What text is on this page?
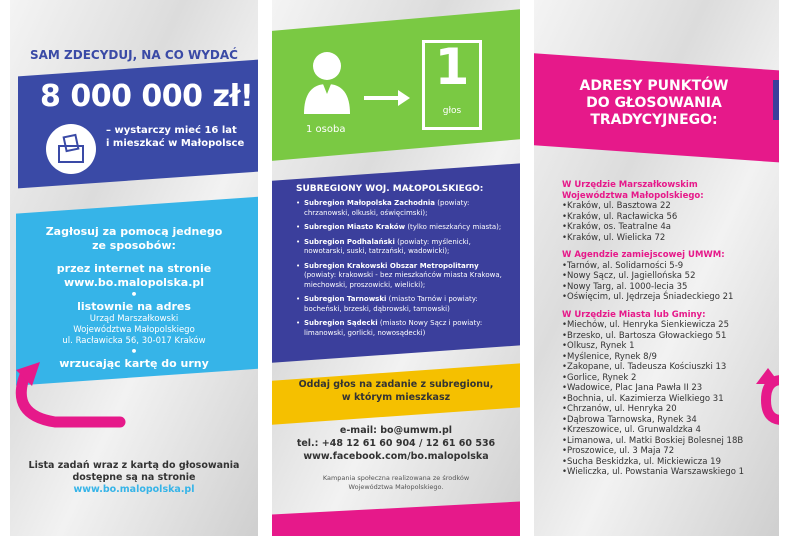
SAM ZDECYDUJ, NA CO WYDAĆ
8 000 000 zł!
– wystarczy mieć 16 lat
i mieszkać w Małopolsce
Zagłosuj za pomocą jednego
ze sposobów:
przez internet na stronie
www.bo.malopolska.pl
•
listownie na adres
Urząd Marszałkowski
Województwa Małopolskiego
ul. Racławicka 56, 30-017 Kraków
•
wrzucając kartę do urny
Lista zadań wraz z kartą do głosowania
dostępne są na stronie
www.bo.malopolska.pl
1 osoba
1
głos
SUBREGIONY WOJ. MAŁOPOLSKIEGO:
• Subregion Małopolska Zachodnia (powiaty: chrzanowski, olkuski, oświęcimski);
• Subregion Miasto Kraków (tylko mieszkańcy miasta);
• Subregion Podhalański (powiaty: myślenicki, nowotarski, suski, tatrzański, wadowicki);
• Subregion Krakowski Obszar Metropolitarny (powiaty: krakowski - bez mieszkańców miasta Krakowa, miechowski, proszowicki, wielicki);
• Subregion Tarnowski (miasto Tarnów i powiaty: bocheński, brzeski, dąbrowski, tarnowski)
• Subregion Sądecki (miasto Nowy Sącz i powiaty: limanowski, gorlicki, nowosądecki)
Oddaj głos na zadanie z subregionu,
w którym mieszkasz
e-mail: bo@umwm.pl
tel.: +48 12 61 60 904 / 12 61 60 536
www.facebook.com/bo.malopolska
Kampania społeczna realizowana ze środków
Województwa Małopolskiego.
ADRESY PUNKTÓW
DO GŁOSOWANIA
TRADYCYJNEGO:
W Urzędzie Marszałkowskim
Województwa Małopolskiego:
•Kraków, ul. Basztowa 22
•Kraków, ul. Racławicka 56
•Kraków, os. Teatralne 4a
•Kraków, ul. Wielicka 72
W Agendzie zamiejscowej UMWM:
•Tarnów, al. Solidarności 5-9
•Nowy Sącz, ul. Jagiellońska 52
•Nowy Targ, al. 1000-lecia 35
•Oświęcim, ul. Jędrzeja Śniadeckiego 21
W Urzędzie Miasta lub Gminy:
•Miechów, ul. Henryka Sienkiewicza 25
•Brzesko, ul. Bartosza Głowackiego 51
•Olkusz, Rynek 1
•Myślenice, Rynek 8/9
•Zakopane, ul. Tadeusza Kościuszki 13
•Gorlice, Rynek 2
•Wadowice, Plac Jana Pawła II 23
•Bochnia, ul. Kazimierza Wielkiego 31
•Chrzanów, ul. Henryka 20
•Dąbrowa Tarnowska, Rynek 34
•Krzeszowice, ul. Grunwaldzka 4
•Limanowa, ul. Matki Boskiej Bolesnej 18B
•Proszowice, ul. 3 Maja 72
•Sucha Beskidzka, ul. Mickiewicza 19
•Wieliczka, ul. Powstania Warszawskiego 1
